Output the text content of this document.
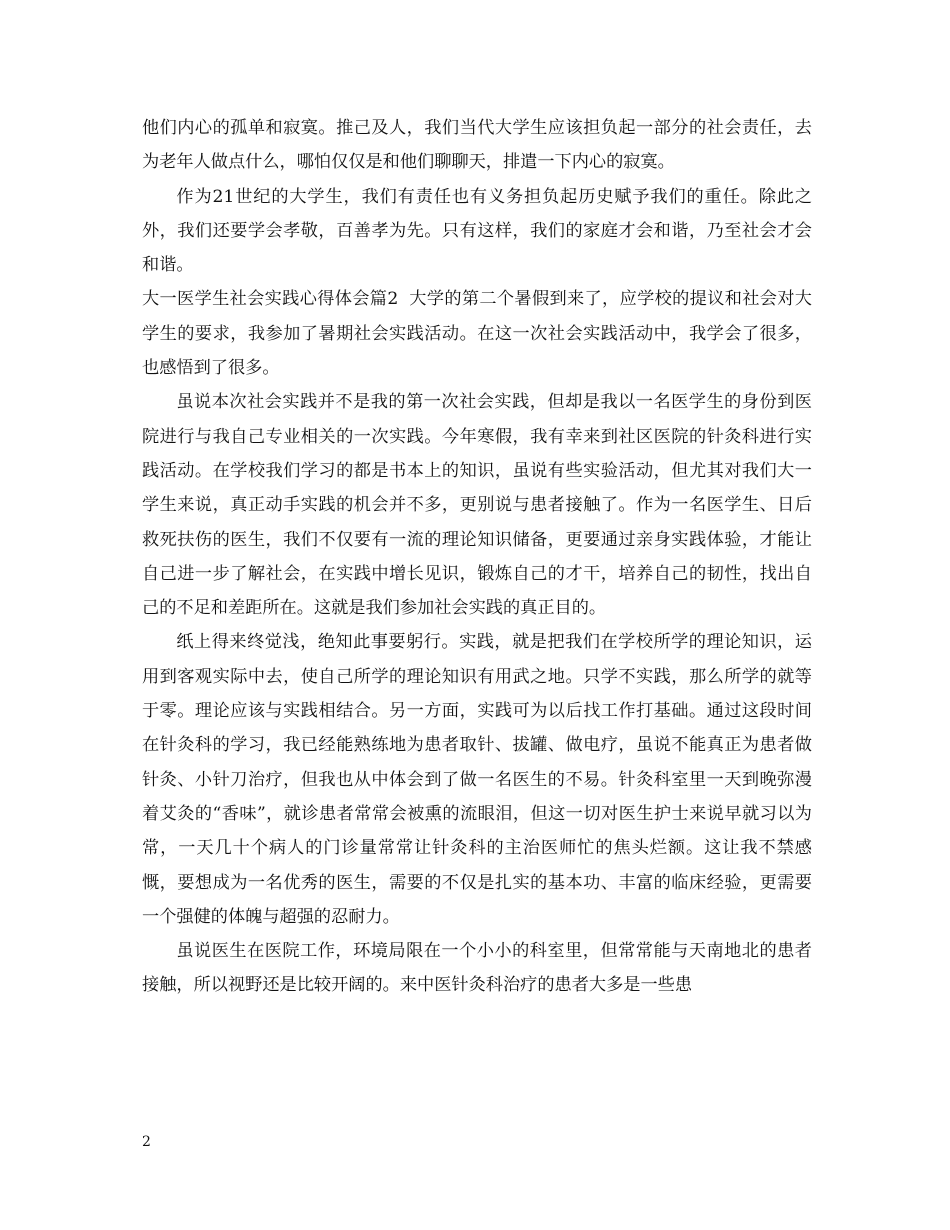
他们内心的孤单和寂寞。推己及人，我们当代大学生应该担负起一部分的社会责任，去为老年人做点什么，哪怕仅仅是和他们聊聊天，排遣一下内心的寂寞。

作为21世纪的大学生，我们有责任也有义务担负起历史赋予我们的重任。除此之外，我们还要学会孝敬，百善孝为先。只有这样，我们的家庭才会和谐，乃至社会才会和谐。

大一医学生社会实践心得体会篇2	大学的第二个暑假到来了，应学校的提议和社会对大学生的要求，我参加了暑期社会实践活动。在这一次社会实践活动中，我学会了很多，也感悟到了很多。

虽说本次社会实践并不是我的第一次社会实践，但却是我以一名医学生的身份到医院进行与我自己专业相关的一次实践。今年寒假，我有幸来到社区医院的针灸科进行实践活动。在学校我们学习的都是书本上的知识，虽说有些实验活动，但尤其对我们大一学生来说，真正动手实践的机会并不多，更别说与患者接触了。作为一名医学生、日后救死扶伤的医生，我们不仅要有一流的理论知识储备，更要通过亲身实践体验，才能让自己进一步了解社会，在实践中增长见识，锻炼自己的才干，培养自己的韧性，找出自己的不足和差距所在。这就是我们参加社会实践的真正目的。

纸上得来终觉浅，绝知此事要躬行。实践，就是把我们在学校所学的理论知识，运用到客观实际中去，使自己所学的理论知识有用武之地。只学不实践，那么所学的就等于零。理论应该与实践相结合。另一方面，实践可为以后找工作打基础。通过这段时间在针灸科的学习，我已经能熟练地为患者取针、拔罐、做电疗，虽说不能真正为患者做针灸、小针刀治疗，但我也从中体会到了做一名医生的不易。针灸科室里一天到晚弥漫着艾灸的“香味”，就诊患者常常会被熏的流眼泪，但这一切对医生护士来说早就习以为常，一天几十个病人的门诊量常常让针灸科的主治医师忙的焦头烂额。这让我不禁感慨，要想成为一名优秀的医生，需要的不仅是扎实的基本功、丰富的临床经验，更需要一个强健的体魄与超强的忍耐力。

虽说医生在医院工作，环境局限在一个小小的科室里，但常常能与天南地北的患者接触，所以视野还是比较开阔的。来中医针灸科治疗的患者大多是一些患

2
